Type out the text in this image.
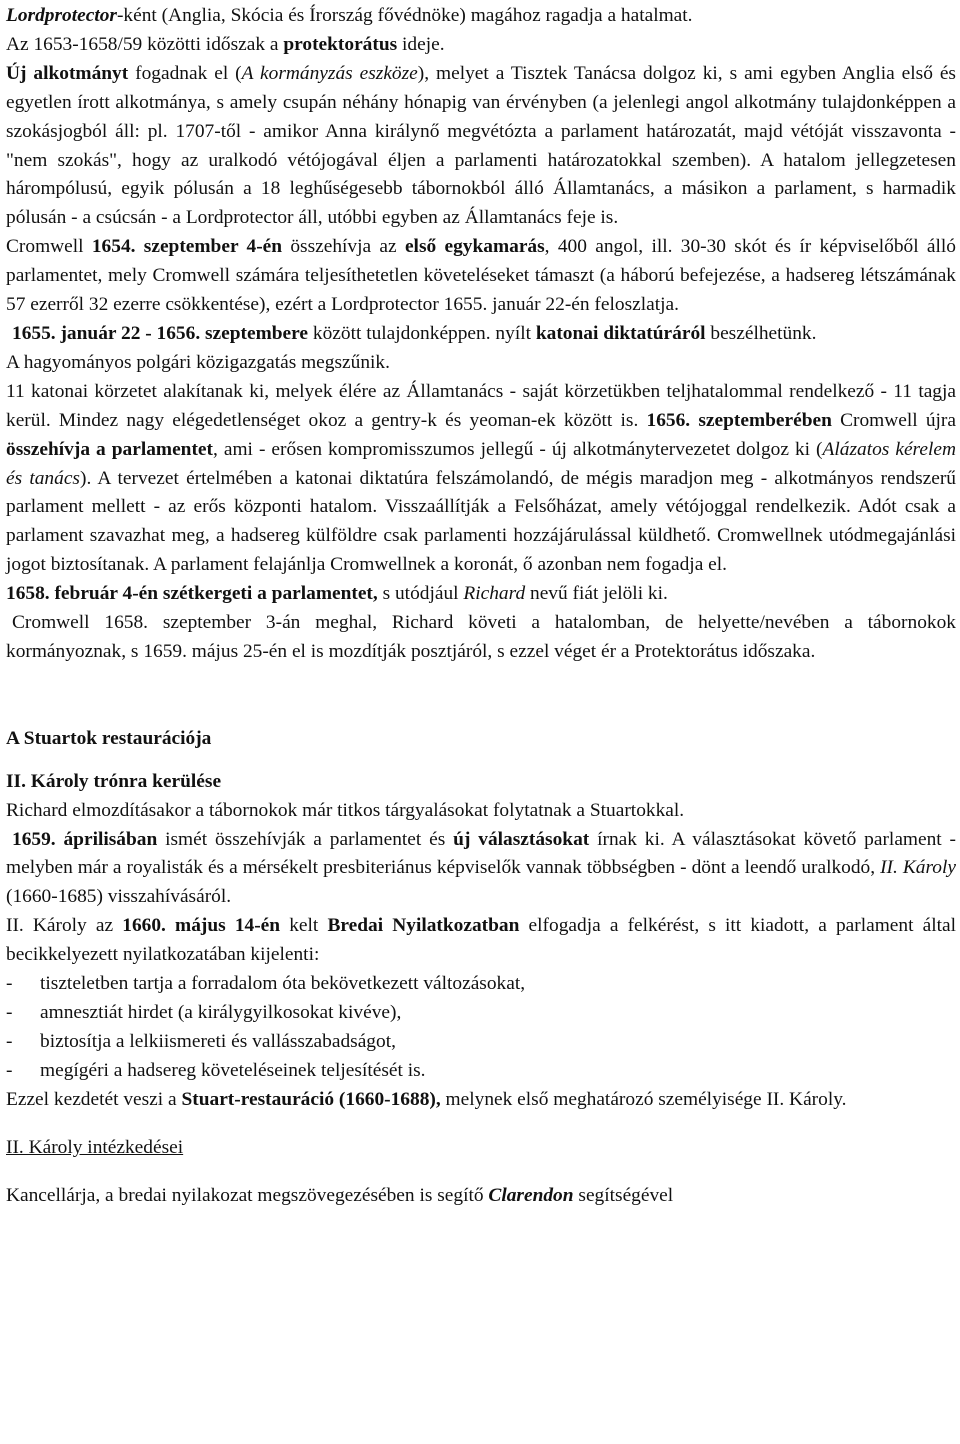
Lordprotector-ként (Anglia, Skócia és Írország fővédnöke) magához ragadja a hatalmat.

Az 1653-1658/59 közötti időszak a protektorátus ideje.

Új alkotmányt fogadnak el (A kormányzás eszköze), melyet a Tisztek Tanácsa dolgoz ki, s ami egyben Anglia első és egyetlen írott alkotmánya, s amely csupán néhány hónapig van érvényben (a jelenlegi angol alkotmány tulajdonképpen a szokásjogból áll: pl. 1707-től - amikor Anna királynő megvétózta a parlament határozatát, majd vétóját visszavonta - "nem szokás", hogy az uralkodó vétójogával éljen a parlamenti határozatokkal szemben). A hatalom jellegzetesen hárompólusú, egyik pólusán a 18 leghűségesebb tábornokból álló Államtanács, a másikon a parlament, s harmadik pólusán - a csúcsán - a Lordprotector áll, utóbbi egyben az Államtanács feje is.

Cromwell 1654. szeptember 4-én összehívja az első egykamarás, 400 angol, ill. 30-30 skót és ír képviselőből álló parlamentet, mely Cromwell számára teljesíthetetlen követeléseket támaszt (a háború befejezése, a hadsereg létszámának 57 ezerről 32 ezerre csökkentése), ezért a Lordprotector 1655. január 22-én feloszlatja.

1655. január 22 - 1656. szeptembere között tulajdonképpen. nyílt katonai diktatúráról beszélhetünk.

A hagyományos polgári közigazgatás megszűnik.

11 katonai körzetet alakítanak ki, melyek élére az Államtanács - saját körzetükben teljhatalommal rendelkező - 11 tagja kerül. Mindez nagy elégedetlenséget okoz a gentry-k és yeoman-ek között is. 1656. szeptemberében Cromwell újra összehívja a parlamentet, ami - erősen kompromisszumos jellegű - új alkotmánytervezetet dolgoz ki (Alázatos kérelem és tanács). A tervezet értelmében a katonai diktatúra felszámolandó, de mégis maradjon meg - alkotmányos rendszerű parlament mellett - az erős központi hatalom. Visszaállítják a Felsőházat, amely vétójoggal rendelkezik. Adót csak a parlament szavazhat meg, a hadsereg külföldre csak parlamenti hozzájárulással küldhető. Cromwellnek utódmegajánlási jogot biztosítanak. A parlament felajánlja Cromwellnek a koronát, ő azonban nem fogadja el.

1658. február 4-én szétkergeti a parlamentet, s utódjául Richard nevű fiát jelöli ki.

Cromwell 1658. szeptember 3-án meghal, Richard követi a hatalomban, de helyette/nevében a tábornokok kormányoznak, s 1659. május 25-én el is mozdítják posztjáról, s ezzel véget ér a Protektorátus időszaka.

A Stuartok restaurációja

II. Károly trónra kerülése

Richard elmozdításakor a tábornokok már titkos tárgyalásokat folytatnak a Stuartokkal.

1659. áprilisában ismét összehívják a parlamentet és új választásokat írnak ki. A választásokat követő parlament - melyben már a royalisták és a mérsékelt presbiteriánus képviselők vannak többségben - dönt a leendő uralkodó, II. Károly (1660-1685) visszahívásáról.

II. Károly az 1660. május 14-én kelt Bredai Nyilatkozatban elfogadja a felkérést, s itt kiadott, a parlament által becikkelyezett nyilatkozatában kijelenti:

-	tiszteletben tartja a forradalom óta bekövetkezett változásokat,
-	amnesztiát hirdet (a királygyilkosokat kivéve),
-	biztosítja a lelkiismereti és vallásszabadságot,
-	megígéri a hadsereg követeléseinek teljesítését is.

Ezzel kezdetét veszi a Stuart-restauráció (1660-1688), melynek első meghatározó személyisége II. Károly.

II. Károly intézkedései

Kancellárja, a bredai nyilakozat megszövegezésében is segítő Clarendon segítségével
